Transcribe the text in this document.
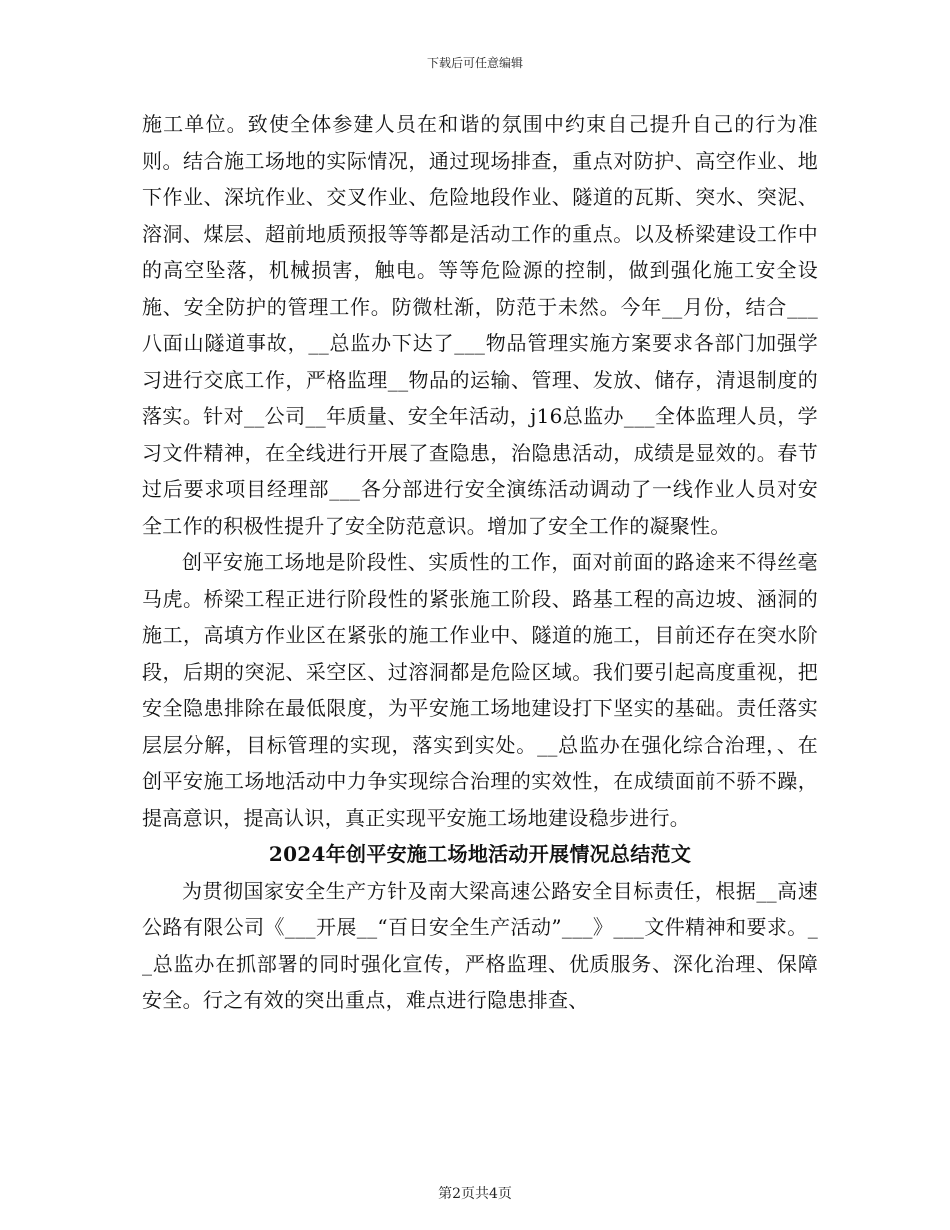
下载后可任意编辑

施工单位。致使全体参建人员在和谐的氛围中约束自己提升自己的行为准则。结合施工场地的实际情况，通过现场排查，重点对防护、高空作业、地下作业、深坑作业、交叉作业、危险地段作业、隧道的瓦斯、突水、突泥、溶洞、煤层、超前地质预报等等都是活动工作的重点。以及桥梁建设工作中的高空坠落，机械损害，触电。等等危险源的控制，做到强化施工安全设施、安全防护的管理工作。防微杜渐，防范于未然。今年__月份，结合___八面山隧道事故，__总监办下达了___物品管理实施方案要求各部门加强学习进行交底工作，严格监理__物品的运输、管理、发放、储存，清退制度的落实。针对__公司__年质量、安全年活动，j16总监办___全体监理人员，学习文件精神，在全线进行开展了查隐患，治隐患活动，成绩是显效的。春节过后要求项目经理部___各分部进行安全演练活动调动了一线作业人员对安全工作的积极性提升了安全防范意识。增加了安全工作的凝聚性。

创平安施工场地是阶段性、实质性的工作，面对前面的路途来不得丝毫马虎。桥梁工程正进行阶段性的紧张施工阶段、路基工程的高边坡、涵洞的施工，高填方作业区在紧张的施工作业中、隧道的施工，目前还存在突水阶段，后期的突泥、采空区、过溶洞都是危险区域。我们要引起高度重视，把安全隐患排除在最低限度，为平安施工场地建设打下坚实的基础。责任落实层层分解，目标管理的实现，落实到实处。__总监办在强化综合治理，、在创平安施工场地活动中力争实现综合治理的实效性，在成绩面前不骄不躁，提高意识，提高认识，真正实现平安施工场地建设稳步进行。

2024年创平安施工场地活动开展情况总结范文

为贯彻国家安全生产方针及南大梁高速公路安全目标责任，根据__高速公路有限公司《___开展__“百日安全生产活动”___》___文件精神和要求。__总监办在抓部署的同时强化宣传，严格监理、优质服务、深化治理、保障安全。行之有效的突出重点，难点进行隐患排查、

第2页共4页
